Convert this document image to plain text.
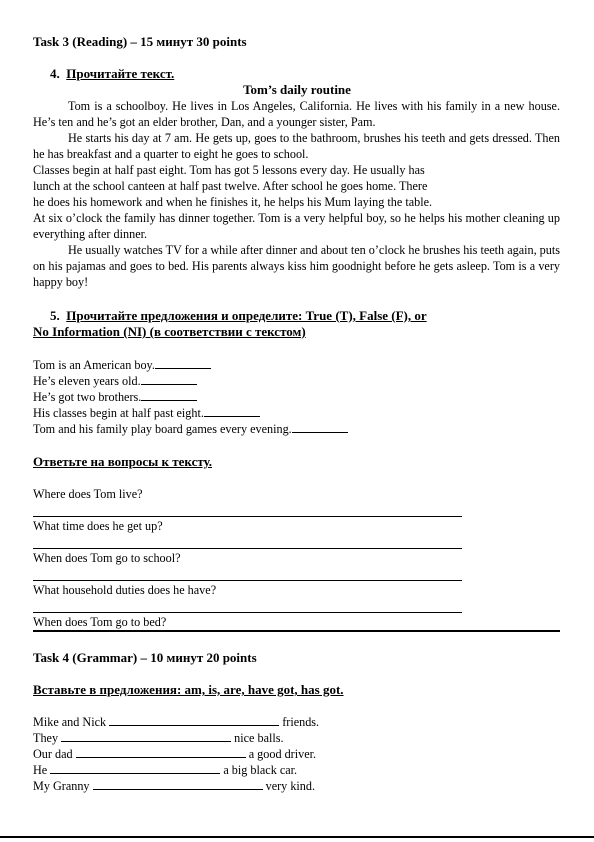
Task 3 (Reading) – 15 минут 30 points
4. Прочитайте текст.
Tom’s daily routine
Tom is a schoolboy. He lives in Los Angeles, California. He lives with his family in a new house. He’s ten and he’s got an elder brother, Dan, and a younger sister, Pam.
He starts his day at 7 am. He gets up, goes to the bathroom, brushes his teeth and gets dressed. Then he has breakfast and a quarter to eight he goes to school.
Classes begin at half past eight. Tom has got 5 lessons every day. He usually has
lunch at the school canteen at half past twelve. After school he goes home. There
he does his homework and when he finishes it, he helps his Mum laying the table.
At six o’clock the family has dinner together. Tom is a very helpful boy, so he helps his mother cleaning up everything after dinner.
He usually watches TV for a while after dinner and about ten o’clock he brushes his teeth again, puts on his pajamas and goes to bed. His parents always kiss him goodnight before he gets asleep. Tom is a very happy boy!
5. Прочитайте предложения и определите: True (T), False (F), or
No Information (NI) (в соответствии с текстом)
Tom is an American boy.
He’s eleven years old.
He’s got two brothers.
His classes begin at half past eight.
Tom and his family play board games every evening.
Ответьте на вопросы к тексту.
Where does Tom live?
What time does he get up?
When does Tom go to school?
What household duties does he have?
When does Tom go to bed?
Task 4 (Grammar) – 10 минут 20 points
Вставьте в предложения: am, is, are, have got, has got.
Mike and Nick	friends.
They	nice balls.
Our dad	a good driver.
He	a big black car.
My Granny	very kind.
